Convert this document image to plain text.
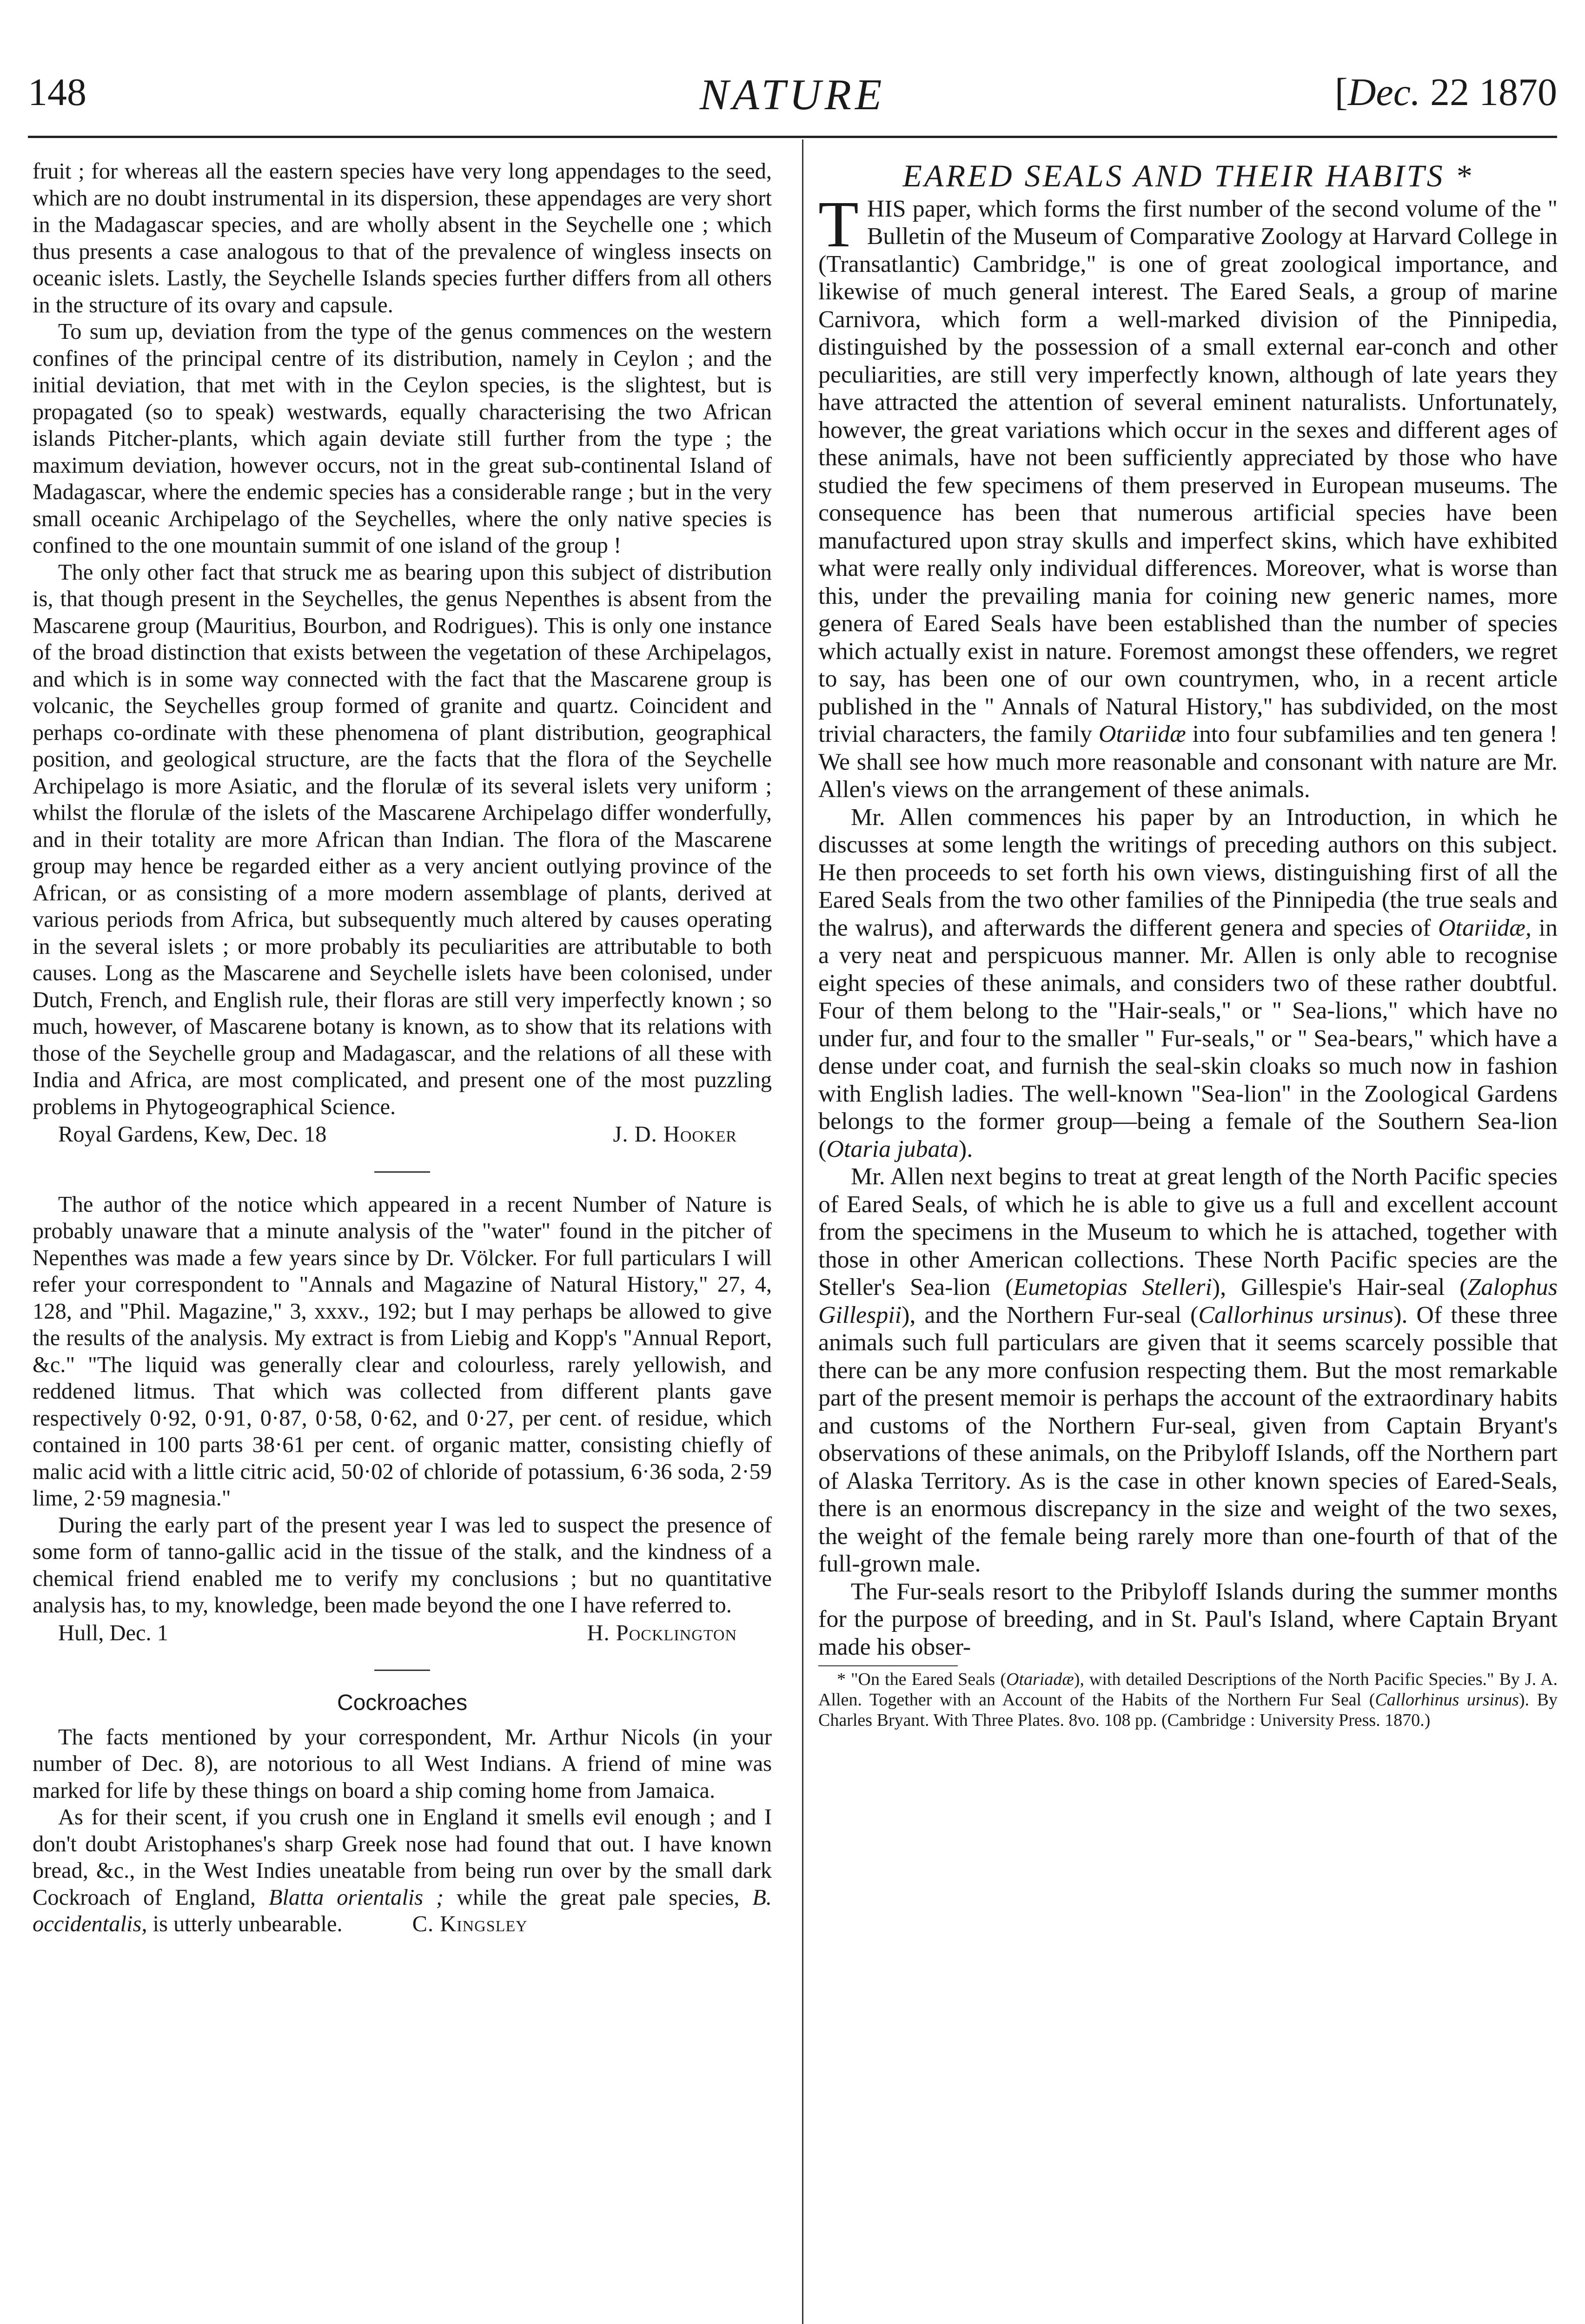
148	NATURE	[Dec. 22 1870

fruit ; for whereas all the eastern species have very long appendages to the seed, which are no doubt instrumental in its dispersion, these appendages are very short in the Madagascar species, and are wholly absent in the Seychelle one ; which thus presents a case analogous to that of the prevalence of wingless insects on oceanic islets. Lastly, the Seychelle Islands species further differs from all others in the structure of its ovary and capsule.

To sum up, deviation from the type of the genus commences on the western confines of the principal centre of its distribution, namely in Ceylon ; and the initial deviation, that met with in the Ceylon species, is the slightest, but is propagated (so to speak) westwards, equally characterising the two African islands Pitcher-plants, which again deviate still further from the type ; the maximum deviation, however occurs, not in the great sub-continental Island of Madagascar, where the endemic species has a considerable range ; but in the very small oceanic Archipelago of the Seychelles, where the only native species is confined to the one mountain summit of one island of the group !

The only other fact that struck me as bearing upon this subject of distribution is, that though present in the Seychelles, the genus Nepenthes is absent from the Mascarene group (Mauritius, Bourbon, and Rodrigues). This is only one instance of the broad distinction that exists between the vegetation of these Archipelagos, and which is in some way connected with the fact that the Mascarene group is volcanic, the Seychelles group formed of granite and quartz. Coincident and perhaps co-ordinate with these phenomena of plant distribution, geographical position, and geological structure, are the facts that the flora of the Seychelle Archipelago is more Asiatic, and the florulæ of its several islets very uniform ; whilst the florulæ of the islets of the Mascarene Archipelago differ wonderfully, and in their totality are more African than Indian. The flora of the Mascarene group may hence be regarded either as a very ancient outlying province of the African, or as consisting of a more modern assemblage of plants, derived at various periods from Africa, but subsequently much altered by causes operating in the several islets ; or more probably its peculiarities are attributable to both causes. Long as the Mascarene and Seychelle islets have been colonised, under Dutch, French, and English rule, their floras are still very imperfectly known ; so much, however, of Mascarene botany is known, as to show that its relations with those of the Seychelle group and Madagascar, and the relations of all these with India and Africa, are most complicated, and present one of the most puzzling problems in Phytogeographical Science.

Royal Gardens, Kew, Dec. 18	J. D. Hooker

The author of the notice which appeared in a recent Number of Nature is probably unaware that a minute analysis of the "water" found in the pitcher of Nepenthes was made a few years since by Dr. Völcker. For full particulars I will refer your correspondent to "Annals and Magazine of Natural History," 27, 4, 128, and "Phil. Magazine," 3, xxxv., 192; but I may perhaps be allowed to give the results of the analysis. My extract is from Liebig and Kopp's "Annual Report, &c." "The liquid was generally clear and colourless, rarely yellowish, and reddened litmus. That which was collected from different plants gave respectively 0·92, 0·91, 0·87, 0·58, 0·62, and 0·27, per cent. of residue, which contained in 100 parts 38·61 per cent. of organic matter, consisting chiefly of malic acid with a little citric acid, 50·02 of chloride of potassium, 6·36 soda, 2·59 lime, 2·59 magnesia."

During the early part of the present year I was led to suspect the presence of some form of tanno-gallic acid in the tissue of the stalk, and the kindness of a chemical friend enabled me to verify my conclusions ; but no quantitative analysis has, to my, knowledge, been made beyond the one I have referred to.

Hull, Dec. 1	H. Pocklington
Cockroaches

The facts mentioned by your correspondent, Mr. Arthur Nicols (in your number of Dec. 8), are notorious to all West Indians. A friend of mine was marked for life by these things on board a ship coming home from Jamaica.

As for their scent, if you crush one in England it smells evil enough ; and I don't doubt Aristophanes's sharp Greek nose had found that out. I have known bread, &c., in the West Indies uneatable from being run over by the small dark Cockroach of England, Blatta orientalis ; while the great pale species, B. occidentalis, is utterly unbearable.	C. Kingsley

EARED SEALS AND THEIR HABITS *

THIS paper, which forms the first number of the second volume of the " Bulletin of the Museum of Comparative Zoology at Harvard College in (Transatlantic) Cambridge," is one of great zoological importance, and likewise of much general interest. The Eared Seals, a group of marine Carnivora, which form a well-marked division of the Pinnipedia, distinguished by the possession of a small external ear-conch and other peculiarities, are still very imperfectly known, although of late years they have attracted the attention of several eminent naturalists. Unfortunately, however, the great variations which occur in the sexes and different ages of these animals, have not been sufficiently appreciated by those who have studied the few specimens of them preserved in European museums. The consequence has been that numerous artificial species have been manufactured upon stray skulls and imperfect skins, which have exhibited what were really only individual differences. Moreover, what is worse than this, under the prevailing mania for coining new generic names, more genera of Eared Seals have been established than the number of species which actually exist in nature. Foremost amongst these offenders, we regret to say, has been one of our own countrymen, who, in a recent article published in the " Annals of Natural History," has subdivided, on the most trivial characters, the family Otariidæ into four subfamilies and ten genera ! We shall see how much more reasonable and consonant with nature are Mr. Allen's views on the arrangement of these animals.

Mr. Allen commences his paper by an Introduction, in which he discusses at some length the writings of preceding authors on this subject. He then proceeds to set forth his own views, distinguishing first of all the Eared Seals from the two other families of the Pinnipedia (the true seals and the walrus), and afterwards the different genera and species of Otariidæ, in a very neat and perspicuous manner. Mr. Allen is only able to recognise eight species of these animals, and considers two of these rather doubtful. Four of them belong to the "Hair-seals," or " Sea-lions," which have no under fur, and four to the smaller " Fur-seals," or " Sea-bears," which have a dense under coat, and furnish the seal-skin cloaks so much now in fashion with English ladies. The well-known "Sea-lion" in the Zoological Gardens belongs to the former group—being a female of the Southern Sea-lion (Otaria jubata).

Mr. Allen next begins to treat at great length of the North Pacific species of Eared Seals, of which he is able to give us a full and excellent account from the specimens in the Museum to which he is attached, together with those in other American collections. These North Pacific species are the Steller's Sea-lion (Eumetopias Stelleri), Gillespie's Hair-seal (Zalophus Gillespii), and the Northern Fur-seal (Callorhinus ursinus). Of these three animals such full particulars are given that it seems scarcely possible that there can be any more confusion respecting them. But the most remarkable part of the present memoir is perhaps the account of the extraordinary habits and customs of the Northern Fur-seal, given from Captain Bryant's observations of these animals, on the Pribyloff Islands, off the Northern part of Alaska Territory. As is the case in other known species of Eared-Seals, there is an enormous discrepancy in the size and weight of the two sexes, the weight of the female being rarely more than one-fourth of that of the full-grown male.

The Fur-seals resort to the Pribyloff Islands during the summer months for the purpose of breeding, and in St. Paul's Island, where Captain Bryant made his obser-

* "On the Eared Seals (Otariadæ), with detailed Descriptions of the North Pacific Species." By J. A. Allen. Together with an Account of the Habits of the Northern Fur Seal (Callorhinus ursinus). By Charles Bryant. With Three Plates. 8vo. 108 pp. (Cambridge : University Press. 1870.)
